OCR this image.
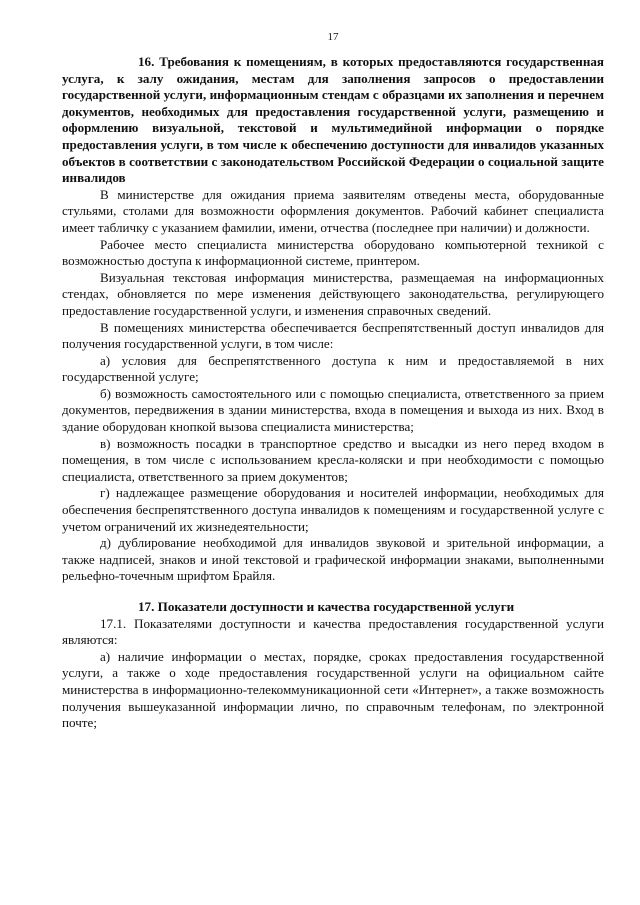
17

16. Требования к помещениям, в которых предоставляются государственная услуга, к залу ожидания, местам для заполнения запросов о предоставлении государственной услуги, информационным стендам с образцами их заполнения и перечнем документов, необходимых для предоставления государственной услуги, размещению и оформлению визуальной, текстовой и мультимедийной информации о порядке предоставления услуги, в том числе к обеспечению доступности для инвалидов указанных объектов в соответствии с законодательством Российской Федерации о социальной защите инвалидов

В министерстве для ожидания приема заявителям отведены места, оборудованные стульями, столами для возможности оформления документов. Рабочий кабинет специалиста имеет табличку с указанием фамилии, имени, отчества (последнее при наличии) и должности.

Рабочее место специалиста министерства оборудовано компьютерной техникой с возможностью доступа к информационной системе, принтером.

Визуальная текстовая информация министерства, размещаемая на информационных стендах, обновляется по мере изменения действующего законодательства, регулирующего предоставление государственной услуги, и изменения справочных сведений.

В помещениях министерства обеспечивается беспрепятственный доступ инвалидов для получения государственной услуги, в том числе:

а) условия для беспрепятственного доступа к ним и предоставляемой в них государственной услуге;

б) возможность самостоятельного или с помощью специалиста, ответственного за прием документов, передвижения в здании министерства, входа в помещения и выхода из них. Вход в здание оборудован кнопкой вызова специалиста министерства;

в) возможность посадки в транспортное средство и высадки из него перед входом в помещения, в том числе с использованием кресла-коляски и при необходимости с помощью специалиста, ответственного за прием документов;

г) надлежащее размещение оборудования и носителей информации, необходимых для обеспечения беспрепятственного доступа инвалидов к помещениям и государственной услуге с учетом ограничений их жизнедеятельности;

д) дублирование необходимой для инвалидов звуковой и зрительной информации, а также надписей, знаков и иной текстовой и графической информации знаками, выполненными рельефно-точечным шрифтом Брайля.

17. Показатели доступности и качества государственной услуги

17.1. Показателями доступности и качества предоставления государственной услуги являются:

а) наличие информации о местах, порядке, сроках предоставления государственной услуги, а также о ходе предоставления государственной услуги на официальном сайте министерства в информационно-телекоммуникационной сети «Интернет», а также возможность получения вышеуказанной информации лично, по справочным телефонам, по электронной почте;
